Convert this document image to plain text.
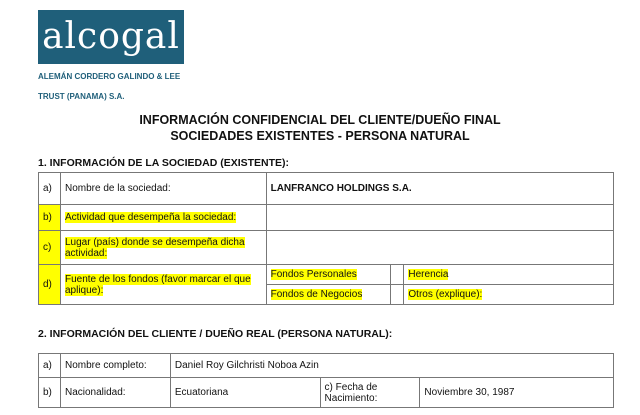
alcogal
ALEMÁN CORDERO GALINDO & LEE
TRUST (PANAMA) S.A.
INFORMACIÓN CONFIDENCIAL DEL CLIENTE/DUEÑO FINAL
SOCIEDADES EXISTENTES - PERSONA NATURAL
1. INFORMACIÓN DE LA SOCIEDAD (EXISTENTE):
a)	Nombre de la sociedad:	LANFRANCO HOLDINGS S.A.		
b)	Actividad que desempeña la sociedad:			
c)	Lugar (país) donde se desempeña dicha actividad:			
d)	Fuente de los fondos (favor marcar el que aplique):	Fondos Personales		Herencia
		Fondos de Negocios		Otros (explique):
2. INFORMACIÓN DEL CLIENTE / DUEÑO REAL (PERSONA NATURAL):
a)	Nombre completo:	Daniel Roy Gilchristi Noboa Azin		
b)	Nacionalidad:	Ecuatoriana	c) Fecha de Nacimiento:	Noviembre 30, 1987
